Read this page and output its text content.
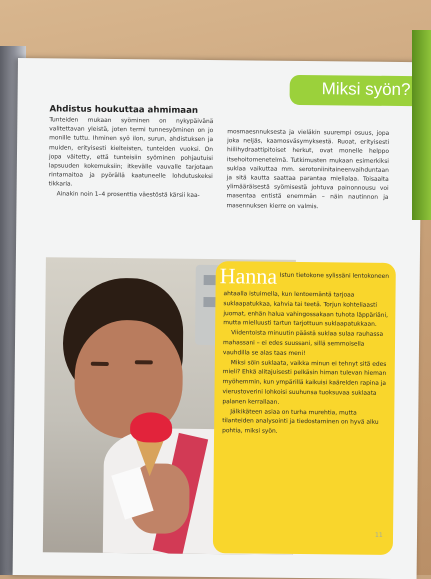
Miksi syön?
Ahdistus houkuttaa ahmimaan

Tunteiden mukaan syöminen on nykypäivänä valitettavan yleistä, joten termi tunnesyöminen on jo monille tuttu. Ihminen syö ilon, surun, ahdistuksen ja muiden, erityisesti kielteisten, tunteiden vuoksi. On jopa väitetty, että tunteisiin syöminen pohjautuisi lapsuuden kokemuksiin; itkevälle vauvalle tarjotaan rintamaitoa ja pyörällä kaatuneelle lohdutuskeksi tikkaria.

Ainakin noin 1–4 prosenttia väestöstä kärsii kaa-

mosmaesnnuksesta ja vieläkin suurempi osuus, jopa joka neljäs, kaamosväsymyksestä. Ruoat, erityisesti hiilihydraattipitoiset herkut, ovat monelle helppo itsehoitomenetelmä. Tutkimusten mukaan esimerkiksi suklaa vaikuttaa mm. serotoniinitaineenvaihduntaan ja sitä kautta saattaa parantaa mielialaa. Toisaalta ylimääräisestä syömisestä johtuva painonnousu voi masentaa entistä enemmän – näin nautinnon ja masennuksen kierre on valmis.

Hanna Istun tietokone sylissäni lentokoneen

ahtaalla istuimella, kun lentoemäntä tarjoaa suklaapatukkaa, kahvia tai teetä. Torjun kohteliaasti juomat, enhän halua vahingossakaan tuhota läppäriäni, mutta mielluusti tartun tarjottuun suklaapatukkaan.

Viidentoista minuutin päästä suklaa sulaa rauhassa mahassani – ei edes suussani, sillä semmoisella vauhdilla se alas taas meni!

Miksi söin suklaata, vaikka minun ei tehnyt sitä edes mieli? Ehkä alitajuisesti pelkäsin himan tulevan hieman myöhemmin, kun ympärillä kaikuisi kaärelden rapina ja vierustoverini lohkoisi suuhunsa tuoksuvaa suklaata palanen kerrallaan.

Jälkikäteen asiaa on turha murehtia, mutta tilanteiden analysointi ja tiedostaminen on hyvä alku pohtia, miksi syön.

11
